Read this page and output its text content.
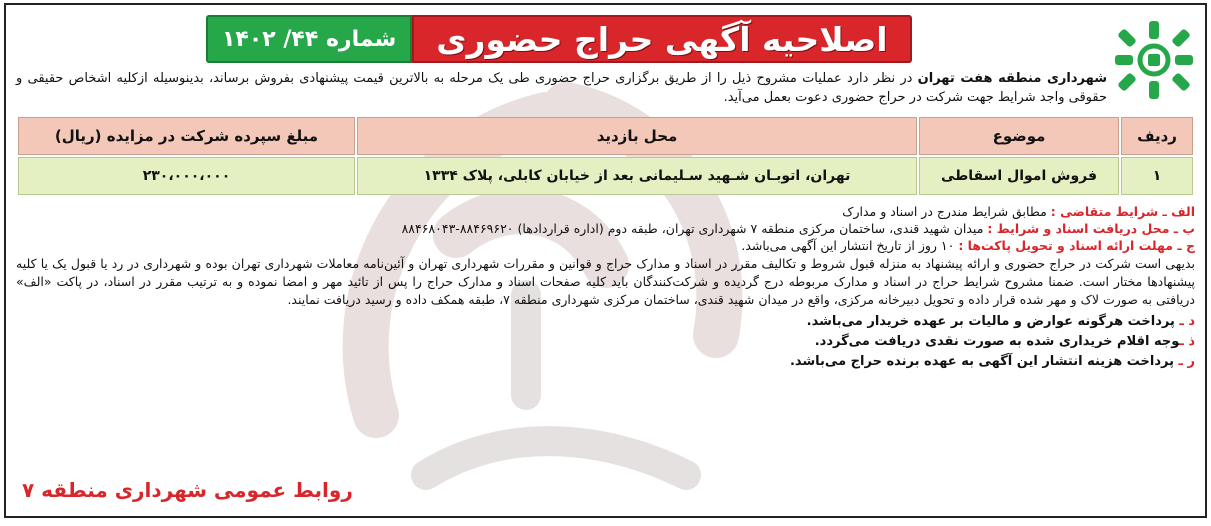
شماره ۴۴/ ۱۴۰۲	اصلاحیه آگهی حراج حضوری

شهرداری منطقه هفت تهران در نظر دارد عملیات مشروح ذیل را از طریق برگزاری حراج حضوری طی یک مرحله به بالاترین قیمت پیشنهادی بفروش برساند، بدینوسیله ازکلیه اشخاص حقیقی و حقوقی واجد شرایط جهت شرکت در حراج حضوری دعوت بعمل می‌آید.

ردیف	موضوع	محل بازدید	مبلغ سپرده شرکت در مزایده (ریال)
۱	فروش اموال اسقاطی	تهران، اتوبـان شـهید سـلیمانی بعد از خیابان کابلی، پلاک ۱۳۳۴	۲۳۰،۰۰۰،۰۰۰
الف ـ شرایط متقاضی : مطابق شرایط مندرج در اسناد و مدارک
ب ـ محل دریافت اسناد و شرایط : میدان شهید قندی، ساختمان مرکزی منطقه ۷ شهرداری تهران، طبقه دوم (اداره قراردادها) ۸۸۴۶۹۶۲۰-۸۸۴۶۸۰۴۳
ج ـ مهلت ارائه اسناد و تحویل پاکت‌ها : ۱۰ روز از تاریخ انتشار این آگهی می‌باشد.
بدیهی است شرکت در حراج حضوری و ارائه پیشنهاد به منزله قبول شروط و تکالیف مقرر در اسناد و مدارک حراج و قوانین و مقررات شهرداری تهران و آئین‌نامه معاملات شهرداری تهران بوده و شهرداری در رد یا قبول یک یا کلیه پیشنهادها مختار است. ضمنا مشروح شرایط حراج در اسناد و مدارک مربوطه درج گردیده و شرکت‌کنندگان باید کلیه صفحات اسناد و مدارک حراج را پس از تائید مهر و امضا نموده و به ترتیب مقرر در اسناد، در پاکت «الف» دریافتی به صورت لاک و مهر شده قرار داده و تحویل دبیرخانه مرکزی، واقع در میدان شهید قندی، ساختمان مرکزی شهرداری منطقه ۷، طبقه همکف داده و رسید دریافت نمایند.
د ـ پرداخت هرگونه عوارض و مالیات بر عهده خریدار می‌باشد.
ذ ـوجه اقلام خریداری شده به صورت نقدی دریافت می‌گردد.
ر ـ پرداخت هزینه انتشار این آگهی به عهده برنده حراج می‌باشد.
روابط عمومی شهرداری منطقه ۷
